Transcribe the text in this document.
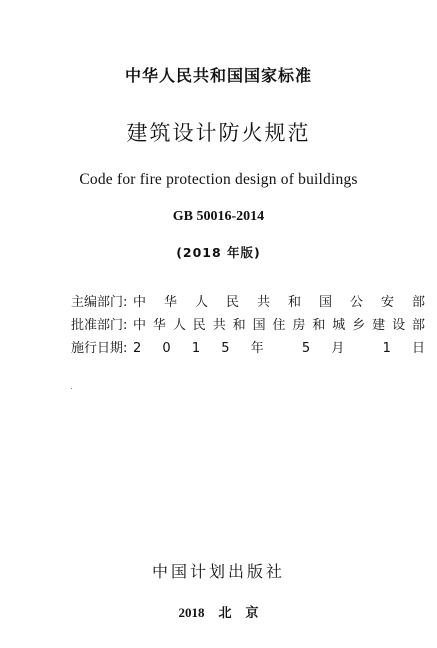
中华人民共和国国家标准
建筑设计防火规范
Code for fire protection design of buildings
GB 50016-2014
(2018 年版)
主编部门: 中 华 人 民 共 和 国 公 安 部
批准部门: 中 华 人 民 共 和 国 住 房 和 城 乡 建 设 部
施行日期: 2 0 1 5 年 5 月 1 日
中国计划出版社
2018 北 京
